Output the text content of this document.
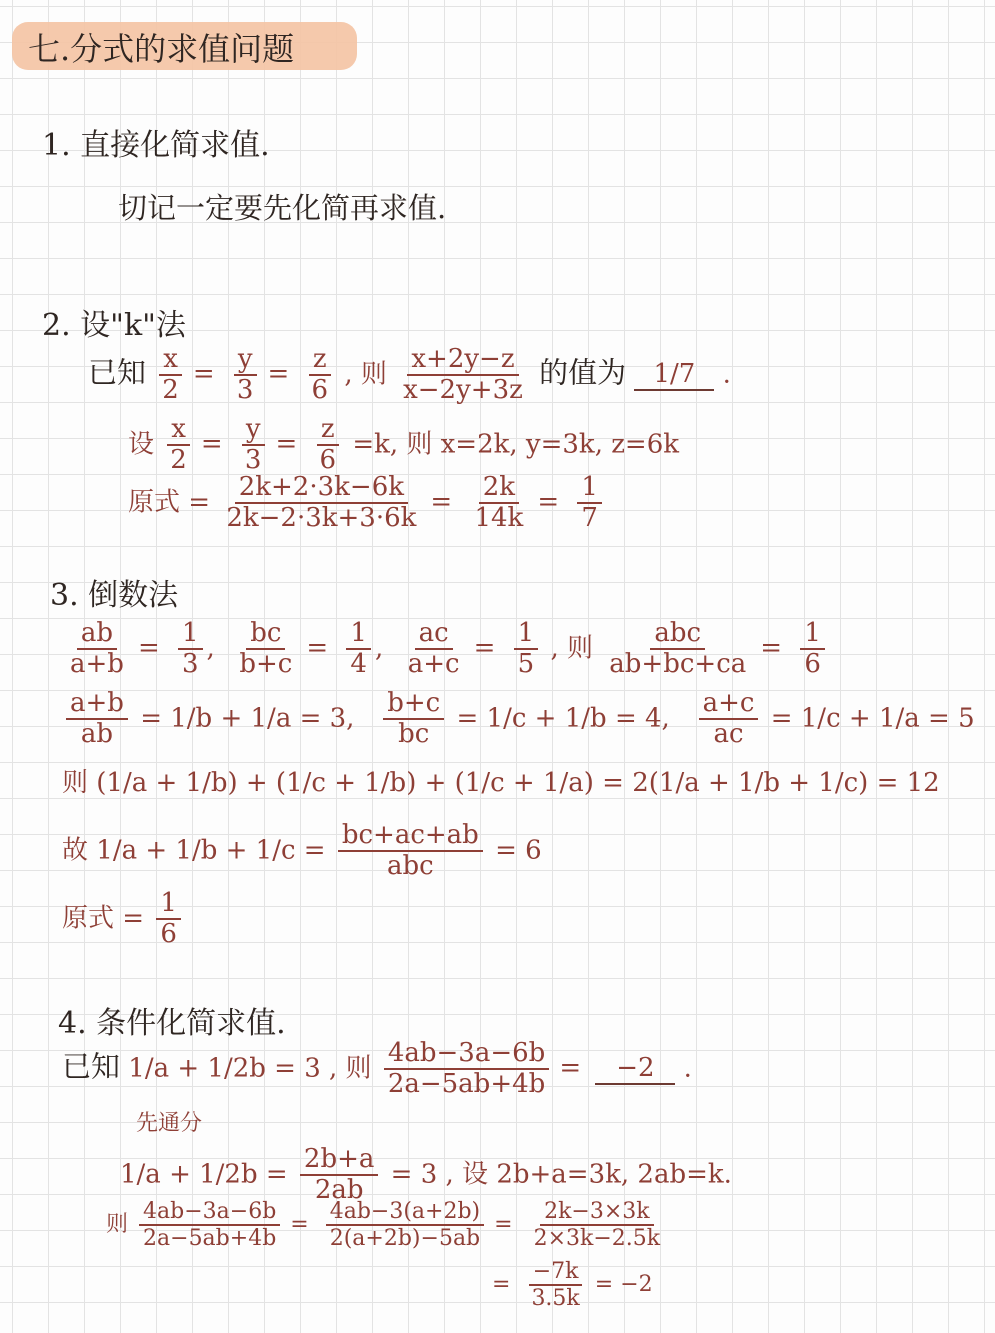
七.分式的求值问题
1. 直接化简求值.
切记一定要先化简再求值.
2. 设"k"法
已知 $\frac{x}{2} = \frac{y}{3} = \frac{z}{6}$ , 则 $\frac{x+2y-z}{x-2y+3z}$ 的值为 1/7 .
设 $\frac{x}{2} = \frac{y}{3} = \frac{z}{6} =k$, 则 x=2k, y=3k, z=6k
原式 = $\frac{2k+2\cdot 3k-6k}{2k-2\cdot 3k+3\cdot 6k} = \frac{2k}{14k} = \frac{1}{7}$
3. 倒数法
$\frac{ab}{a+b} = \frac{1}{3}$ , $\frac{bc}{b+c} = \frac{1}{4}$ , $\frac{ac}{a+c} = \frac{1}{5}$ , 则 $\frac{\text{abc}}{ab+bc+ca} = \frac{1}{6}$
$\frac{a+b}{ab} = 1/b + 1/a = 3$, $\frac{b+c}{bc} = 1/c + 1/b = 4$, $\frac{a+c}{ac} = 1/c + 1/a = 5$
则 (1/a + 1/b) + (1/c + 1/b) + (1/c + 1/a) = 2(1/a + 1/b + 1/c) = 12
故 $1/a + 1/b + 1/c = \frac{bc+ac+ab}{\text{abc}} = 6$
原式 = $\frac{1}{6}$
4. 条件化简求值.
已知 1/a + 1/2b = 3 , 则 $\frac{4ab-3a-6b}{2a-5ab+4b} = -2$ .
先通分
$1/a + 1/2b = \frac{2b+a}{2ab} = 3$ , 设 2b+a=3k, 2ab=k.
则 $\frac{4ab-3a-6b}{2a-5ab+4b} = \frac{4ab-3(a+2b)}{2(a+2b)-5ab} = \frac{2k-3\times 3k}{2\times 3k-2.5k}$
= $\frac{-7k}{3.5k} = -2$
